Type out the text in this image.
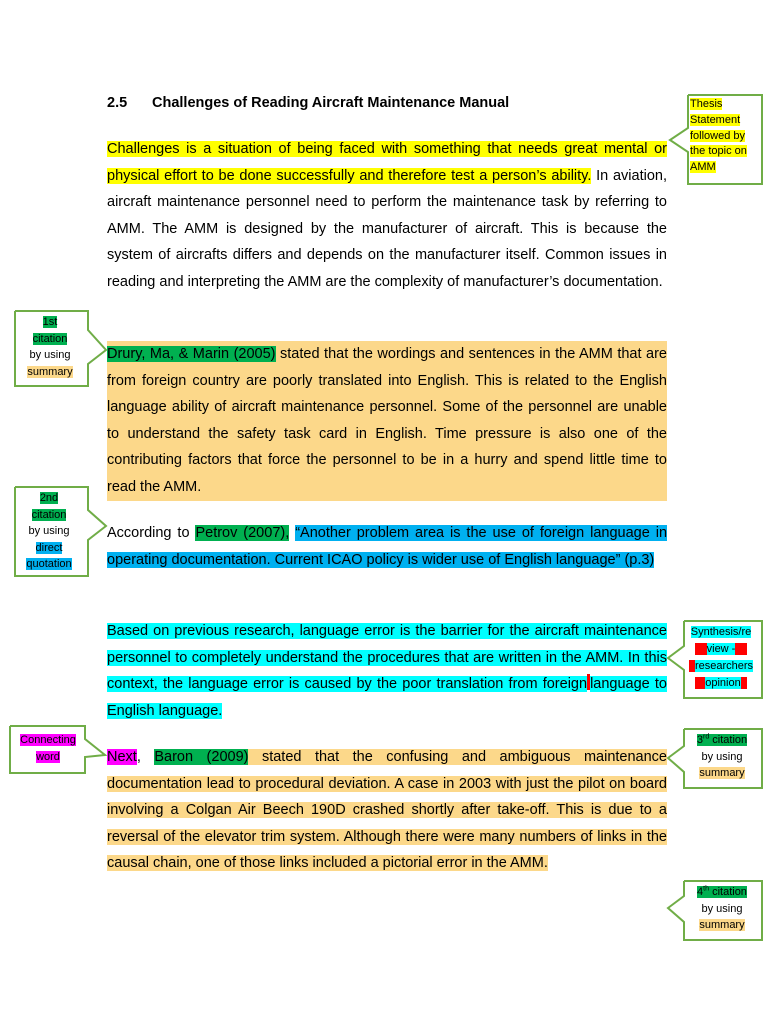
2.5 Challenges of Reading Aircraft Maintenance Manual
Challenges is a situation of being faced with something that needs great mental or physical effort to be done successfully and therefore test a person’s ability. In aviation, aircraft maintenance personnel need to perform the maintenance task by referring to AMM. The AMM is designed by the manufacturer of aircraft. This is because the system of aircrafts differs and depends on the manufacturer itself. Common issues in reading and interpreting the AMM are the complexity of manufacturer’s documentation.
Drury, Ma, & Marin (2005) stated that the wordings and sentences in the AMM that are from foreign country are poorly translated into English. This is related to the English language ability of aircraft maintenance personnel. Some of the personnel are unable to understand the safety task card in English. Time pressure is also one of the contributing factors that force the personnel to be in a hurry and spend little time to read the AMM.
According to Petrov (2007), “Another problem area is the use of foreign language in operating documentation. Current ICAO policy is wider use of English language” (p.3)
Based on previous research, language error is the barrier for the aircraft maintenance personnel to completely understand the procedures that are written in the AMM. In this context, the language error is caused by the poor translation from foreign language to English language.
Next, Baron (2009) stated that the confusing and ambiguous maintenance documentation lead to procedural deviation. A case in 2003 with just the pilot on board involving a Colgan Air Beech 190D crashed shortly after take-off. This is due to a reversal of the elevator trim system. Although there were many numbers of links in the causal chain, one of those links included a pictorial error in the AMM.
Thesis
Statement
followed by
the topic on
AMM
1st
citation
by using
summary
2nd
citation
by using
direct
quotation
Synthesis/re
view -
researchers
opinion
Connecting
word
3rd citation
by using
summary
4th citation
by using
summary
